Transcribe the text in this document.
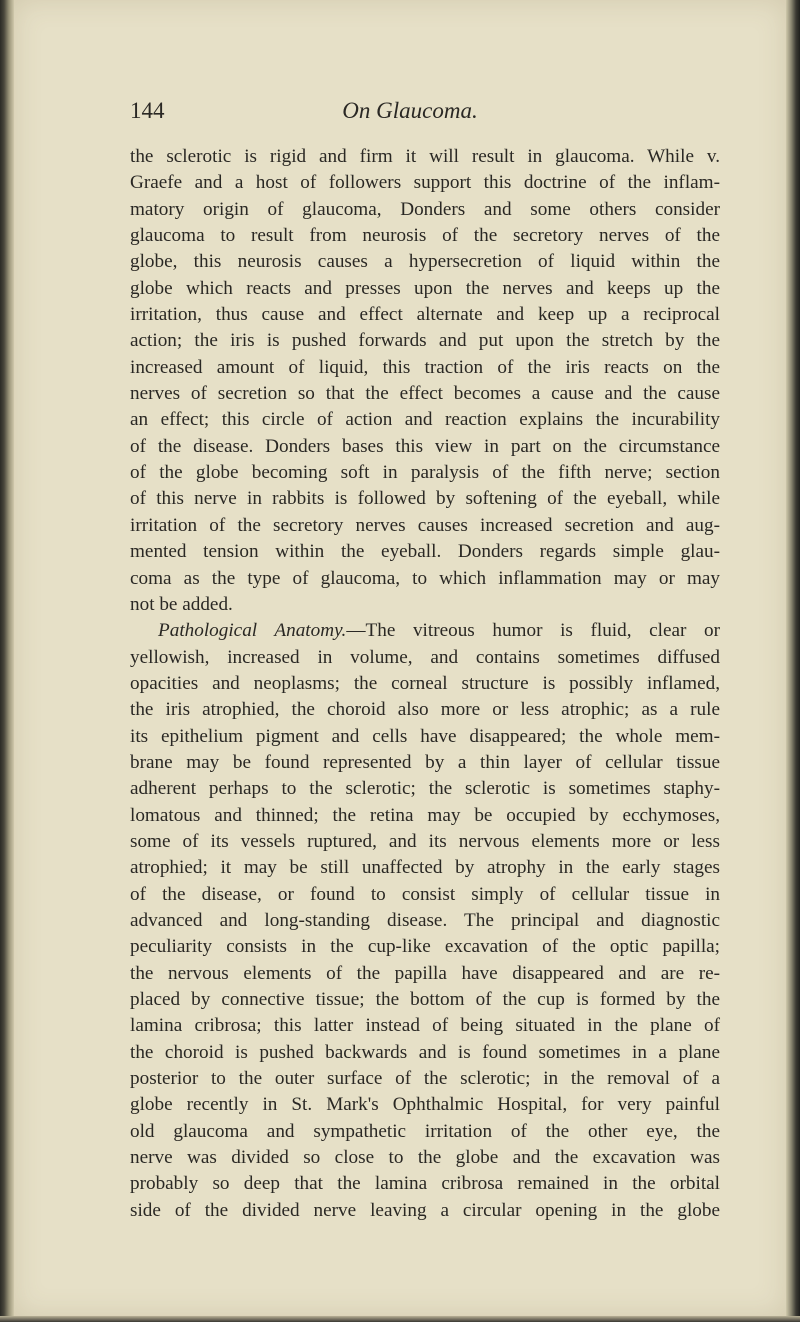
144	On Glaucoma.
the sclerotic is rigid and firm it will result in glaucoma. While v.
Graefe and a host of followers support this doctrine of the inflam-
matory origin of glaucoma, Donders and some others consider
glaucoma to result from neurosis of the secretory nerves of the
globe, this neurosis causes a hypersecretion of liquid within the
globe which reacts and presses upon the nerves and keeps up the
irritation, thus cause and effect alternate and keep up a reciprocal
action; the iris is pushed forwards and put upon the stretch by the
increased amount of liquid, this traction of the iris reacts on the
nerves of secretion so that the effect becomes a cause and the cause
an effect; this circle of action and reaction explains the incurability
of the disease. Donders bases this view in part on the circumstance
of the globe becoming soft in paralysis of the fifth nerve; section
of this nerve in rabbits is followed by softening of the eyeball, while
irritation of the secretory nerves causes increased secretion and aug-
mented tension within the eyeball. Donders regards simple glau-
coma as the type of glaucoma, to which inflammation may or may
not be added.
Pathological Anatomy.—The vitreous humor is fluid, clear or
yellowish, increased in volume, and contains sometimes diffused
opacities and neoplasms; the corneal structure is possibly inflamed,
the iris atrophied, the choroid also more or less atrophic; as a rule
its epithelium pigment and cells have disappeared; the whole mem-
brane may be found represented by a thin layer of cellular tissue
adherent perhaps to the sclerotic; the sclerotic is sometimes staphy-
lomatous and thinned; the retina may be occupied by ecchymoses,
some of its vessels ruptured, and its nervous elements more or less
atrophied; it may be still unaffected by atrophy in the early stages
of the disease, or found to consist simply of cellular tissue in
advanced and long-standing disease. The principal and diagnostic
peculiarity consists in the cup-like excavation of the optic papilla;
the nervous elements of the papilla have disappeared and are re-
placed by connective tissue; the bottom of the cup is formed by the
lamina cribrosa; this latter instead of being situated in the plane of
the choroid is pushed backwards and is found sometimes in a plane
posterior to the outer surface of the sclerotic; in the removal of a
globe recently in St. Mark's Ophthalmic Hospital, for very painful
old glaucoma and sympathetic irritation of the other eye, the
nerve was divided so close to the globe and the excavation was
probably so deep that the lamina cribrosa remained in the orbital
side of the divided nerve leaving a circular opening in the globe
